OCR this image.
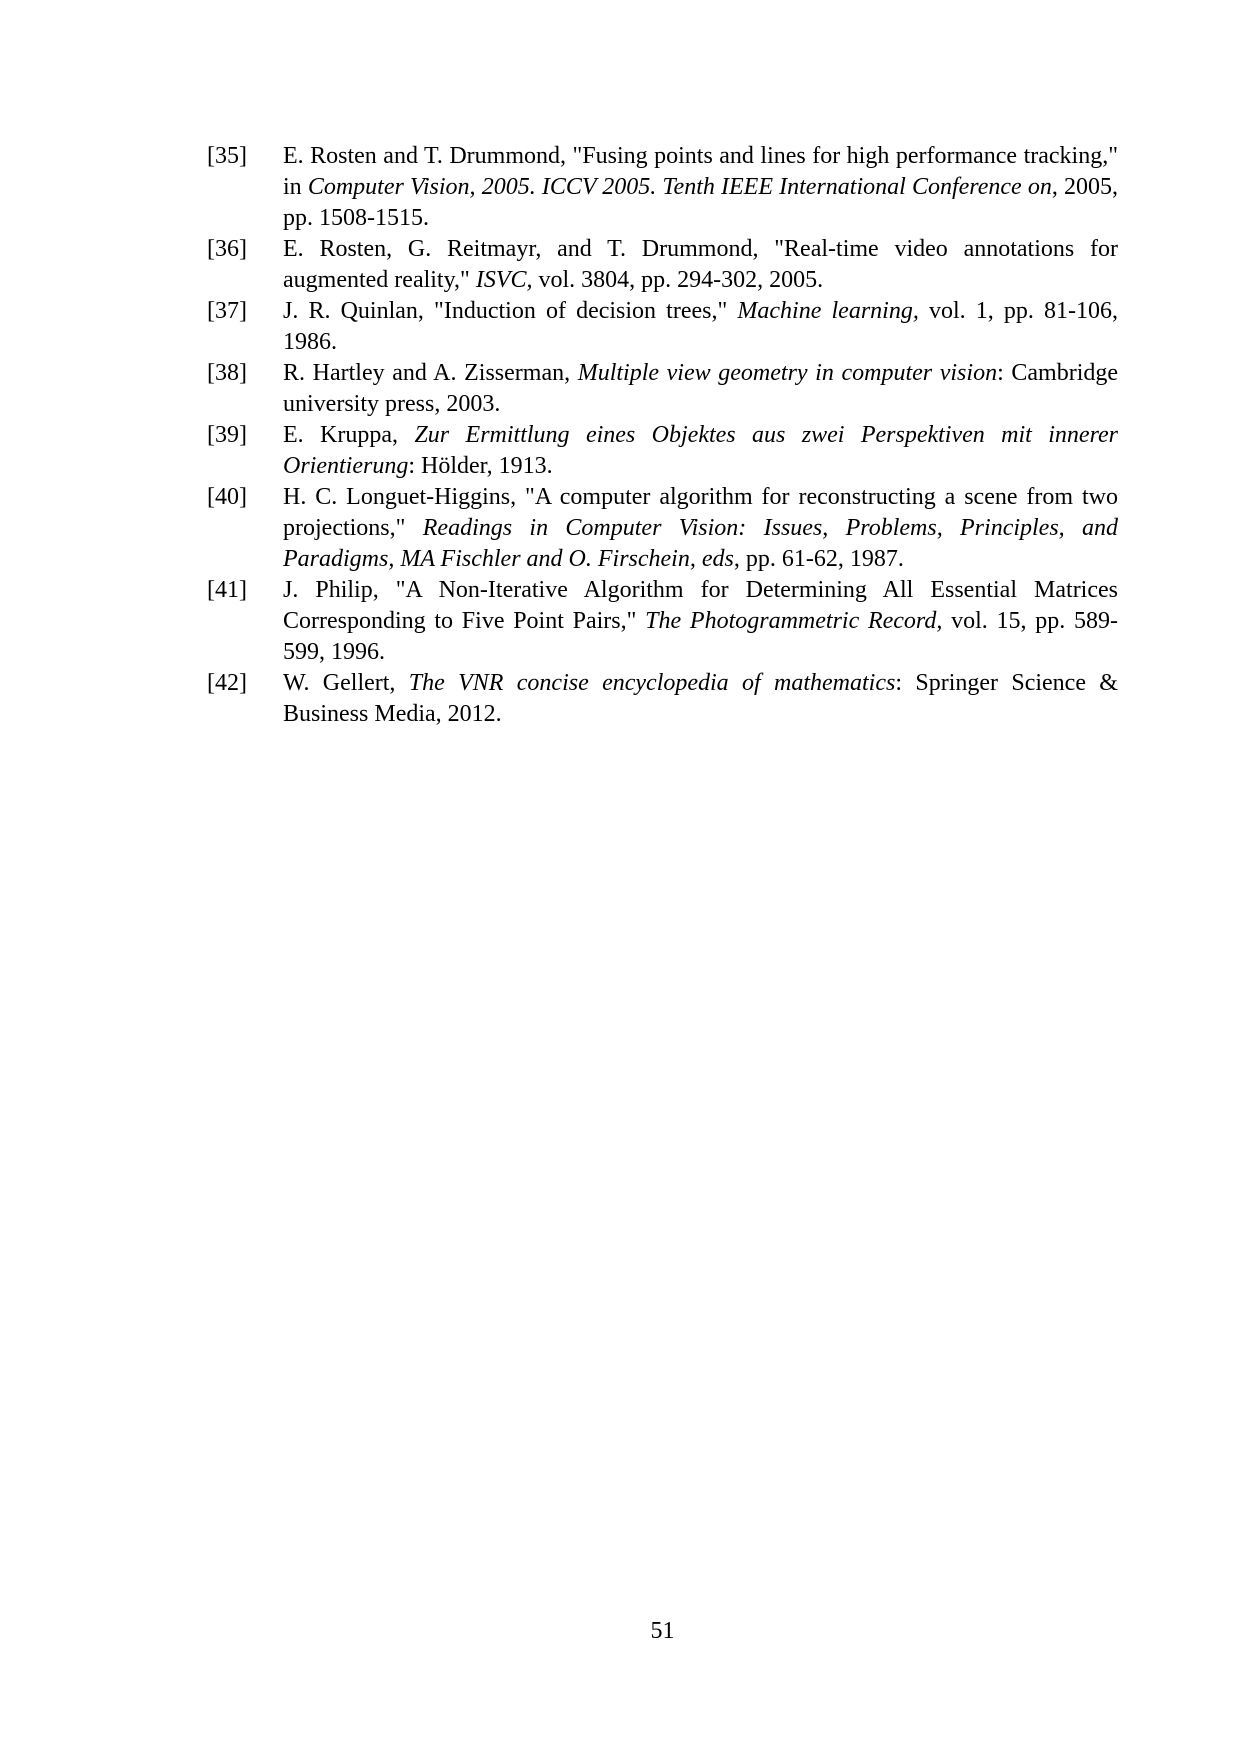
[35]	E. Rosten and T. Drummond, "Fusing points and lines for high performance tracking," in Computer Vision, 2005. ICCV 2005. Tenth IEEE International Conference on, 2005, pp. 1508-1515.
[36]	E. Rosten, G. Reitmayr, and T. Drummond, "Real-time video annotations for augmented reality," ISVC, vol. 3804, pp. 294-302, 2005.
[37]	J. R. Quinlan, "Induction of decision trees," Machine learning, vol. 1, pp. 81-106, 1986.
[38]	R. Hartley and A. Zisserman, Multiple view geometry in computer vision: Cambridge university press, 2003.
[39]	E. Kruppa, Zur Ermittlung eines Objektes aus zwei Perspektiven mit innerer Orientierung: Hölder, 1913.
[40]	H. C. Longuet-Higgins, "A computer algorithm for reconstructing a scene from two projections," Readings in Computer Vision: Issues, Problems, Principles, and Paradigms, MA Fischler and O. Firschein, eds, pp. 61-62, 1987.
[41]	J. Philip, "A Non-Iterative Algorithm for Determining All Essential Matrices Corresponding to Five Point Pairs," The Photogrammetric Record, vol. 15, pp. 589-599, 1996.
[42]	W. Gellert, The VNR concise encyclopedia of mathematics: Springer Science & Business Media, 2012.
51
